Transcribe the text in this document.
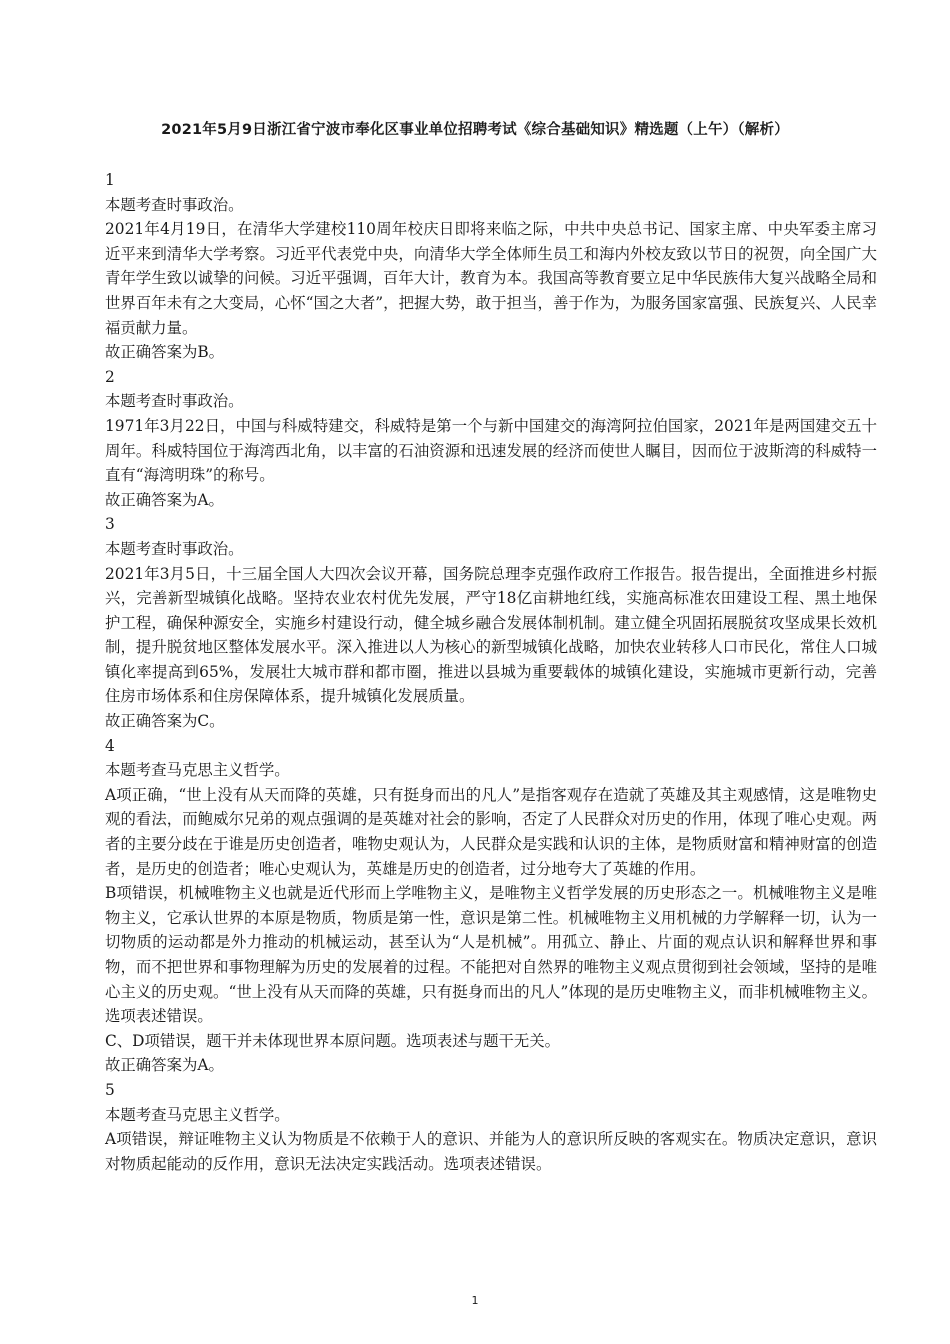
2021年5月9日浙江省宁波市奉化区事业单位招聘考试《综合基础知识》精选题（上午）（解析）

1

本题考查时事政治。

2021年4月19日，在清华大学建校110周年校庆日即将来临之际，中共中央总书记、国家主席、中央军委主席习近平来到清华大学考察。习近平代表党中央，向清华大学全体师生员工和海内外校友致以节日的祝贺，向全国广大青年学生致以诚挚的问候。习近平强调，百年大计，教育为本。我国高等教育要立足中华民族伟大复兴战略全局和世界百年未有之大变局，心怀“国之大者”，把握大势，敢于担当，善于作为，为服务国家富强、民族复兴、人民幸福贡献力量。

故正确答案为B。

2

本题考查时事政治。

1971年3月22日，中国与科威特建交，科威特是第一个与新中国建交的海湾阿拉伯国家，2021年是两国建交五十周年。科威特国位于海湾西北角，以丰富的石油资源和迅速发展的经济而使世人瞩目，因而位于波斯湾的科威特一直有“海湾明珠”的称号。

故正确答案为A。

3

本题考查时事政治。

2021年3月5日，十三届全国人大四次会议开幕，国务院总理李克强作政府工作报告。报告提出，全面推进乡村振兴，完善新型城镇化战略。坚持农业农村优先发展，严守18亿亩耕地红线，实施高标准农田建设工程、黑土地保护工程，确保种源安全，实施乡村建设行动，健全城乡融合发展体制机制。建立健全巩固拓展脱贫攻坚成果长效机制，提升脱贫地区整体发展水平。深入推进以人为核心的新型城镇化战略，加快农业转移人口市民化，常住人口城镇化率提高到65%，发展壮大城市群和都市圈，推进以县城为重要载体的城镇化建设，实施城市更新行动，完善住房市场体系和住房保障体系，提升城镇化发展质量。

故正确答案为C。

4

本题考查马克思主义哲学。

A项正确，“世上没有从天而降的英雄，只有挺身而出的凡人”是指客观存在造就了英雄及其主观感情，这是唯物史观的看法，而鲍威尔兄弟的观点强调的是英雄对社会的影响，否定了人民群众对历史的作用，体现了唯心史观。两者的主要分歧在于谁是历史创造者，唯物史观认为，人民群众是实践和认识的主体，是物质财富和精神财富的创造者，是历史的创造者；唯心史观认为，英雄是历史的创造者，过分地夸大了英雄的作用。

B项错误，机械唯物主义也就是近代形而上学唯物主义，是唯物主义哲学发展的历史形态之一。机械唯物主义是唯物主义，它承认世界的本原是物质，物质是第一性，意识是第二性。机械唯物主义用机械的力学解释一切，认为一切物质的运动都是外力推动的机械运动，甚至认为“人是机械”。用孤立、静止、片面的观点认识和解释世界和事物，而不把世界和事物理解为历史的发展着的过程。不能把对自然界的唯物主义观点贯彻到社会领域，坚持的是唯心主义的历史观。“世上没有从天而降的英雄，只有挺身而出的凡人”体现的是历史唯物主义，而非机械唯物主义。选项表述错误。

C、D项错误，题干并未体现世界本原问题。选项表述与题干无关。

故正确答案为A。

5

本题考查马克思主义哲学。

A项错误，辩证唯物主义认为物质是不依赖于人的意识、并能为人的意识所反映的客观实在。物质决定意识，意识对物质起能动的反作用，意识无法决定实践活动。选项表述错误。

1
